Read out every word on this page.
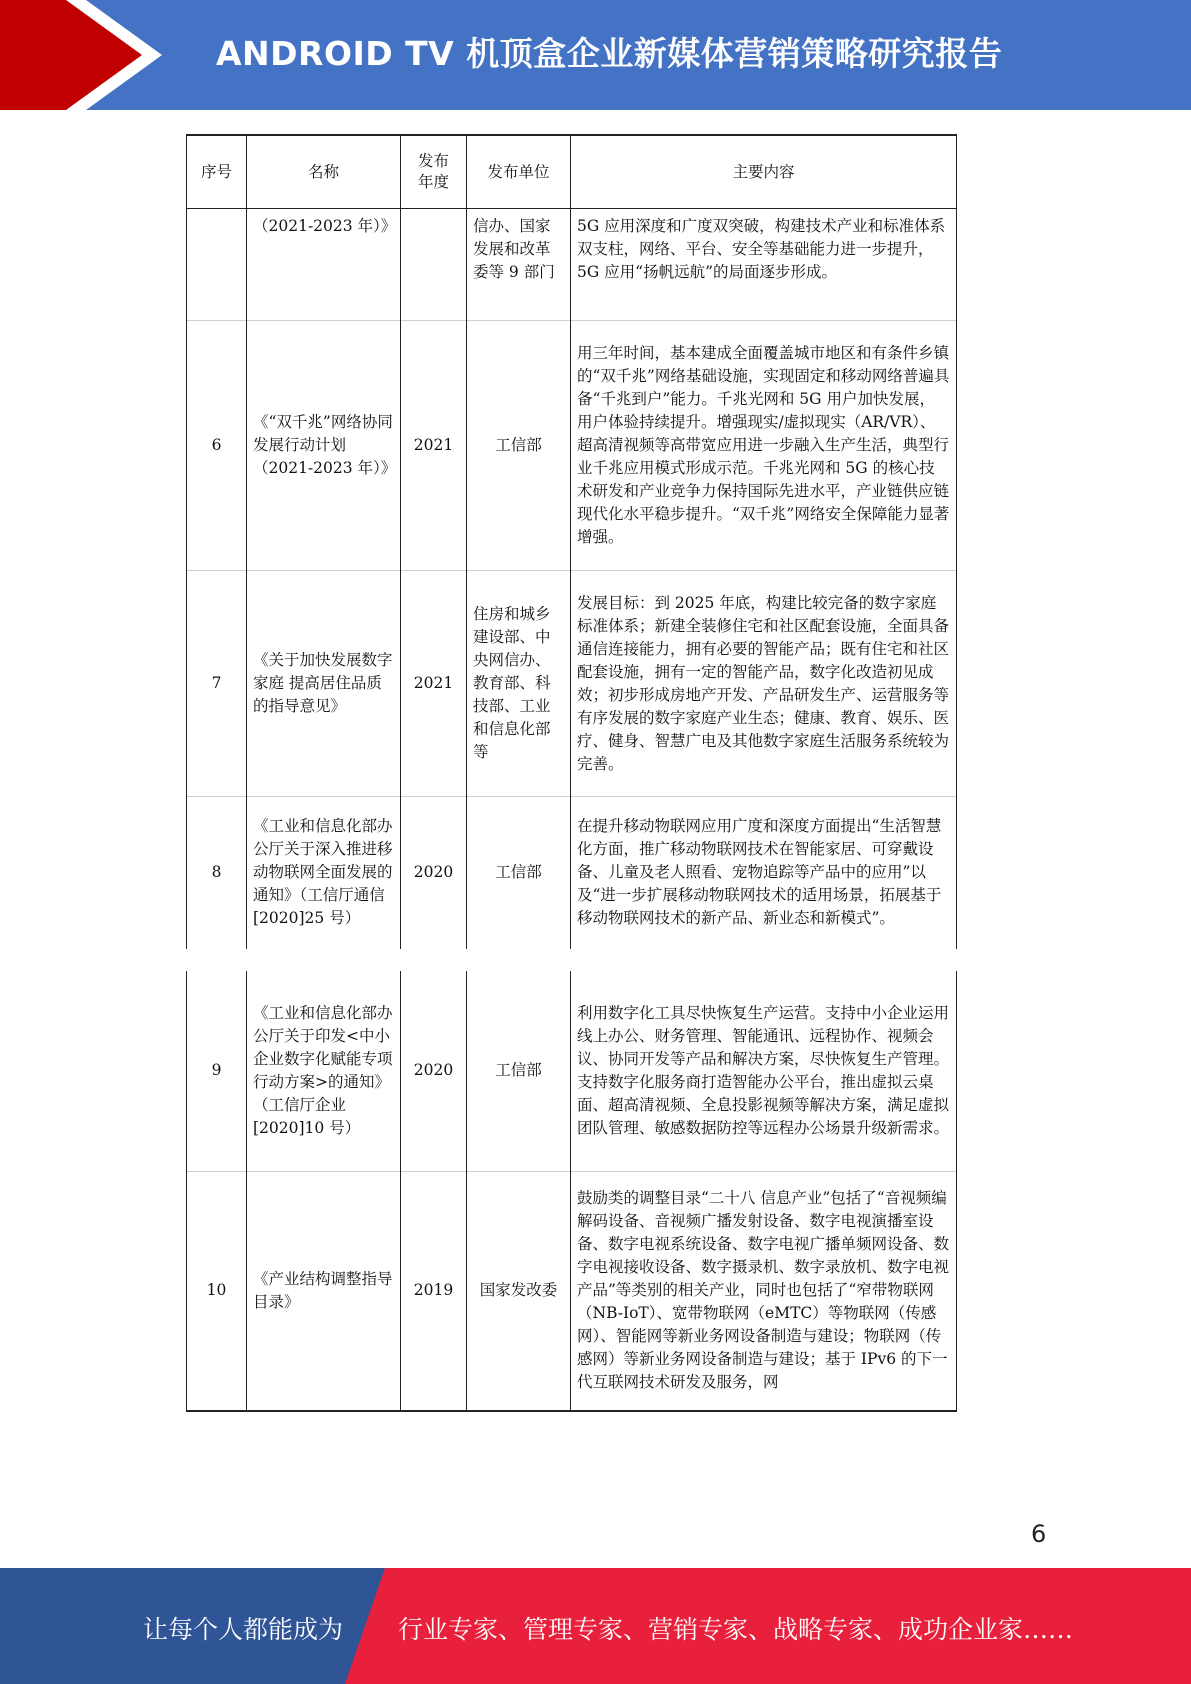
ANDROID TV 机顶盒企业新媒体营销策略研究报告
序号	名称	发布年度	发布单位	主要内容
	（2021-2023 年）》		信办、国家发展和改革委等 9 部门	5G 应用深度和广度双突破，构建技术产业和标准体系双支柱，网络、平台、安全等基础能力进一步提升，5G 应用“扬帆远航”的局面逐步形成。
6	《“双千兆”网络协同发展行动计划（2021-2023 年）》	2021	工信部	用三年时间，基本建成全面覆盖城市地区和有条件乡镇的“双千兆”网络基础设施，实现固定和移动网络普遍具备“千兆到户”能力。千兆光网和 5G 用户加快发展，用户体验持续提升。增强现实/虚拟现实（AR/VR）、超高清视频等高带宽应用进一步融入生产生活，典型行业千兆应用模式形成示范。千兆光网和 5G 的核心技术研发和产业竞争力保持国际先进水平，产业链供应链现代化水平稳步提升。“双千兆”网络安全保障能力显著增强。
7	《关于加快发展数字家庭 提高居住品质的指导意见》	2021	住房和城乡建设部、中央网信办、教育部、科技部、工业和信息化部等	发展目标：到 2025 年底，构建比较完备的数字家庭标准体系；新建全装修住宅和社区配套设施，全面具备通信连接能力，拥有必要的智能产品；既有住宅和社区配套设施，拥有一定的智能产品，数字化改造初见成效；初步形成房地产开发、产品研发生产、运营服务等有序发展的数字家庭产业生态；健康、教育、娱乐、医疗、健身、智慧广电及其他数字家庭生活服务系统较为完善。
8	《工业和信息化部办公厅关于深入推进移动物联网全面发展的通知》（工信厅通信[2020]25 号）	2020	工信部	在提升移动物联网应用广度和深度方面提出“生活智慧化方面，推广移动物联网技术在智能家居、可穿戴设备、儿童及老人照看、宠物追踪等产品中的应用”以及“进一步扩展移动物联网技术的适用场景，拓展基于移动物联网技术的新产品、新业态和新模式”。
9	《工业和信息化部办公厅关于印发<中小企业数字化赋能专项行动方案>的通知》（工信厅企业[2020]10 号）	2020	工信部	利用数字化工具尽快恢复生产运营。支持中小企业运用线上办公、财务管理、智能通讯、远程协作、视频会议、协同开发等产品和解决方案，尽快恢复生产管理。支持数字化服务商打造智能办公平台，推出虚拟云桌面、超高清视频、全息投影视频等解决方案，满足虚拟团队管理、敏感数据防控等远程办公场景升级新需求。
10	《产业结构调整指导目录》	2019	国家发改委	鼓励类的调整目录“二十八 信息产业”包括了“音视频编解码设备、音视频广播发射设备、数字电视演播室设备、数字电视系统设备、数字电视广播单频网设备、数字电视接收设备、数字摄录机、数字录放机、数字电视产品”等类别的相关产业，同时也包括了“窄带物联网（NB-IoT）、宽带物联网（eMTC）等物联网（传感网）、智能网等新业务网设备制造与建设；物联网（传感网）等新业务网设备制造与建设；基于 IPv6 的下一代互联网技术研发及服务，网
6
让每个人都能成为 行业专家、管理专家、营销专家、战略专家、成功企业家……
